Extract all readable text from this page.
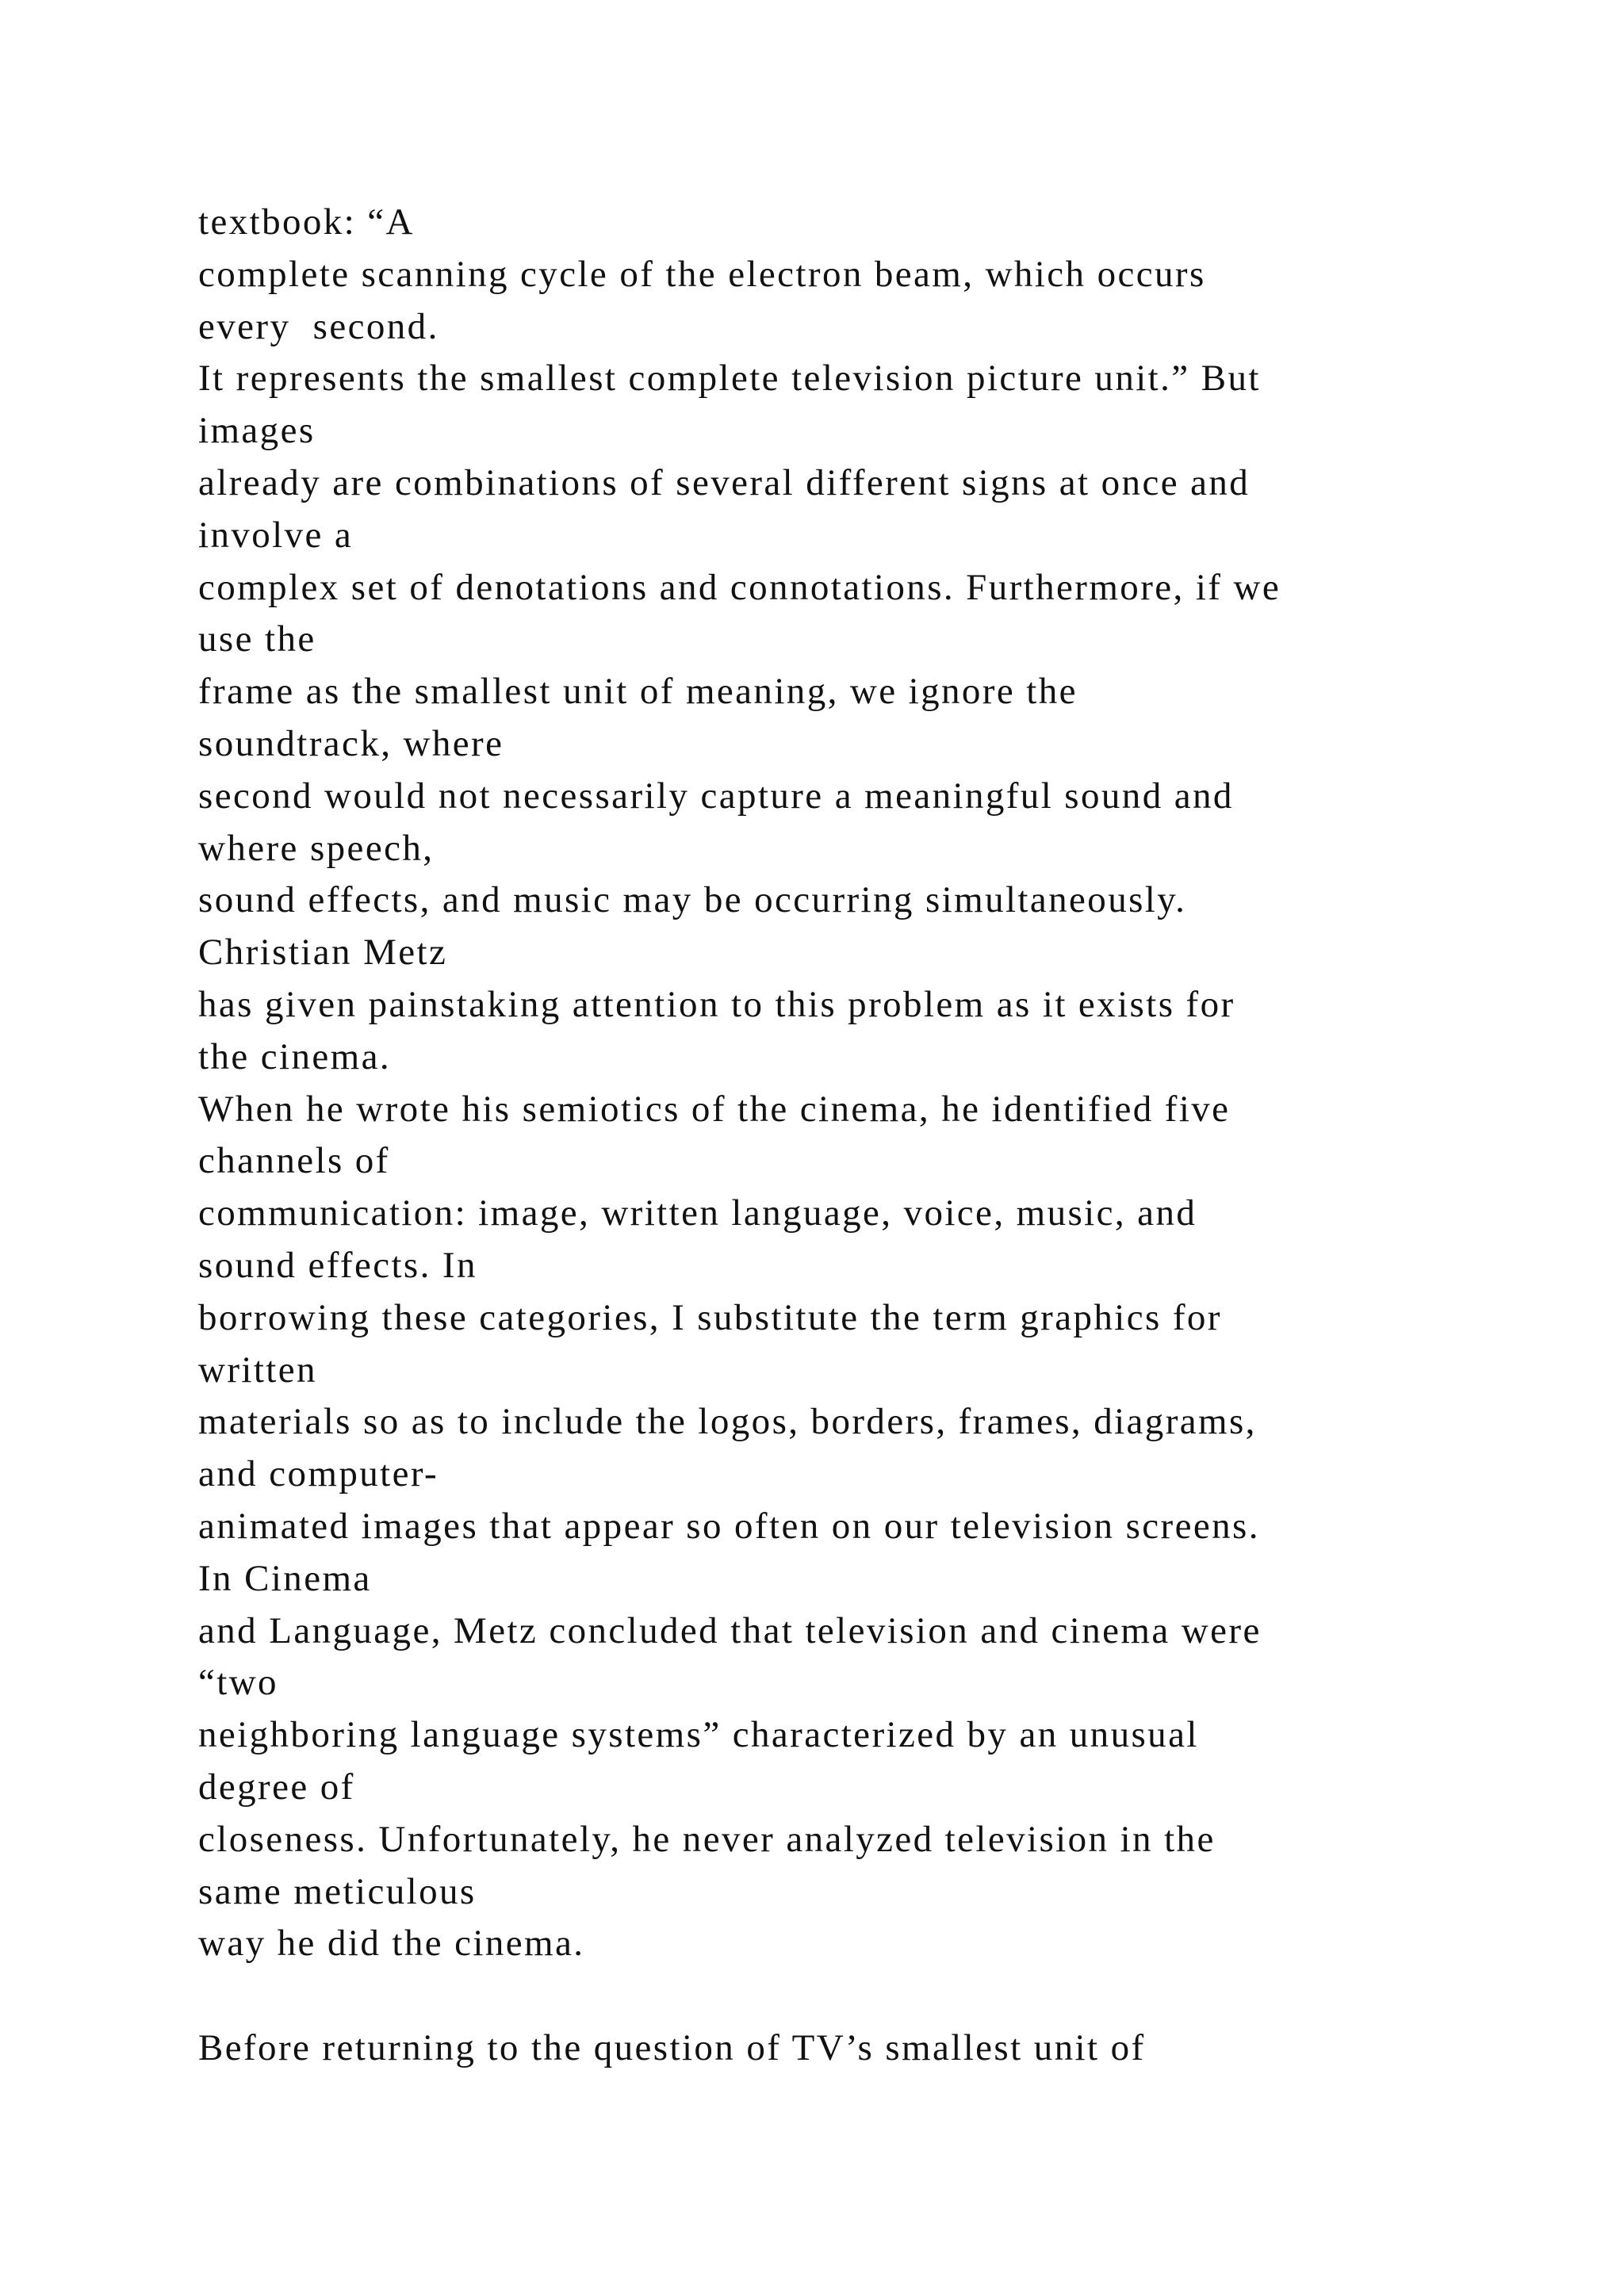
textbook: “A
complete scanning cycle of the electron beam, which occurs
every  second.
It represents the smallest complete television picture unit.” But
images
already are combinations of several different signs at once and
involve a
complex set of denotations and connotations. Furthermore, if we
use the
frame as the smallest unit of meaning, we ignore the
soundtrack, where
second would not necessarily capture a meaningful sound and
where speech,
sound effects, and music may be occurring simultaneously.
Christian Metz
has given painstaking attention to this problem as it exists for
the cinema.
When he wrote his semiotics of the cinema, he identified five
channels of
communication: image, written language, voice, music, and
sound effects. In
borrowing these categories, I substitute the term graphics for
written
materials so as to include the logos, borders, frames, diagrams,
and computer-
animated images that appear so often on our television screens.
In Cinema
and Language, Metz concluded that television and cinema were
“two
neighboring language systems” characterized by an unusual
degree of
closeness. Unfortunately, he never analyzed television in the
same meticulous
way he did the cinema.
Before returning to the question of TV’s smallest unit of
